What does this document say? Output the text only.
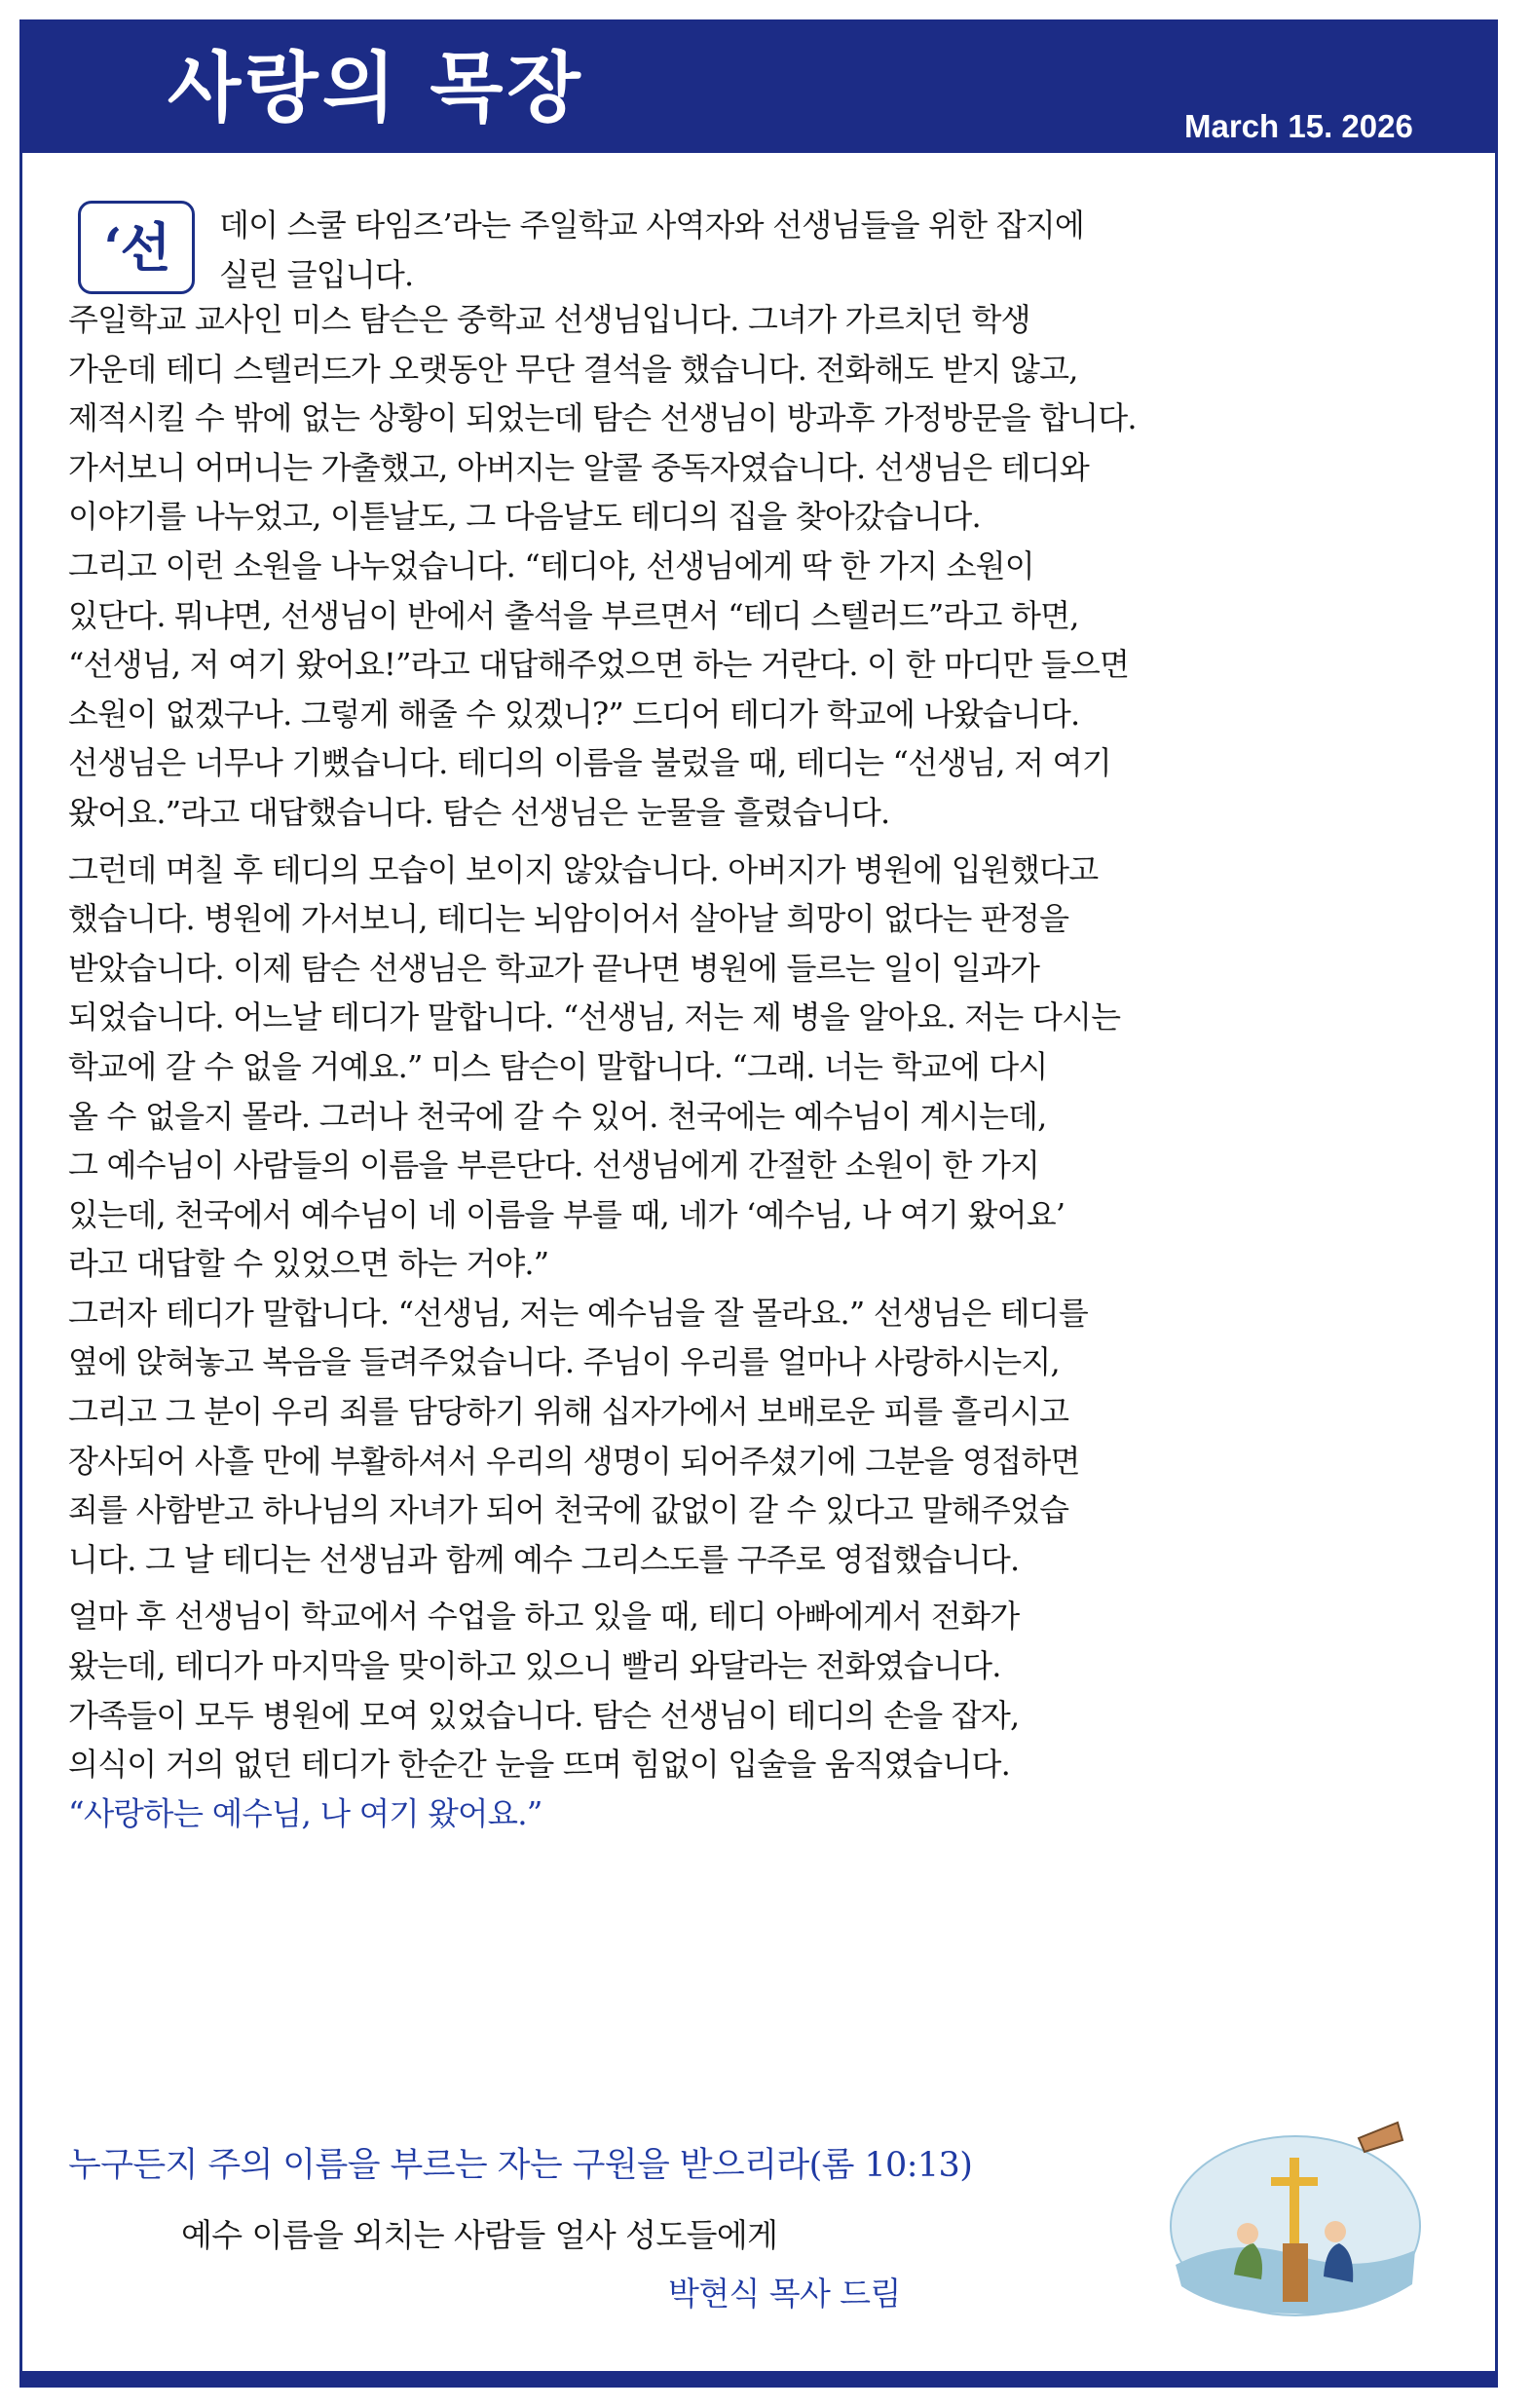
사랑의 목장	March 15. 2026
‘선	데이 스쿨 타임즈’라는 주일학교 사역자와 선생님들을 위한 잡지에

실린 글입니다.

주일학교 교사인 미스 탐슨은 중학교 선생님입니다. 그녀가 가르치던 학생

가운데 테디 스텔러드가 오랫동안 무단 결석을 했습니다. 전화해도 받지 않고,

제적시킬 수 밖에 없는 상황이 되었는데 탐슨 선생님이 방과후 가정방문을 합니다.

가서보니 어머니는 가출했고, 아버지는 알콜 중독자였습니다. 선생님은 테디와

이야기를 나누었고, 이튿날도, 그 다음날도 테디의 집을 찾아갔습니다.

그리고 이런 소원을 나누었습니다. “테디야, 선생님에게 딱 한 가지 소원이

있단다. 뭐냐면, 선생님이 반에서 출석을 부르면서 “테디 스텔러드”라고 하면,

“선생님, 저 여기 왔어요!”라고 대답해주었으면 하는 거란다. 이 한 마디만 들으면

소원이 없겠구나. 그렇게 해줄 수 있겠니?” 드디어 테디가 학교에 나왔습니다.

선생님은 너무나 기뻤습니다. 테디의 이름을 불렀을 때, 테디는 “선생님, 저 여기

왔어요.”라고 대답했습니다. 탐슨 선생님은 눈물을 흘렸습니다.

그런데 며칠 후 테디의 모습이 보이지 않았습니다. 아버지가 병원에 입원했다고

했습니다. 병원에 가서보니, 테디는 뇌암이어서 살아날 희망이 없다는 판정을

받았습니다. 이제 탐슨 선생님은 학교가 끝나면 병원에 들르는 일이 일과가

되었습니다. 어느날 테디가 말합니다. “선생님, 저는 제 병을 알아요. 저는 다시는

학교에 갈 수 없을 거예요.” 미스 탐슨이 말합니다. “그래. 너는 학교에 다시

올 수 없을지 몰라. 그러나 천국에 갈 수 있어. 천국에는 예수님이 계시는데,

그 예수님이 사람들의 이름을 부른단다. 선생님에게 간절한 소원이 한 가지

있는데, 천국에서 예수님이 네 이름을 부를 때, 네가 ‘예수님, 나 여기 왔어요’

라고 대답할 수 있었으면 하는 거야.”

그러자 테디가 말합니다. “선생님, 저는 예수님을 잘 몰라요.” 선생님은 테디를

옆에 앉혀놓고 복음을 들려주었습니다. 주님이 우리를 얼마나 사랑하시는지,

그리고 그 분이 우리 죄를 담당하기 위해 십자가에서 보배로운 피를 흘리시고

장사되어 사흘 만에 부활하셔서 우리의 생명이 되어주셨기에 그분을 영접하면

죄를 사함받고 하나님의 자녀가 되어 천국에 값없이 갈 수 있다고 말해주었습

니다. 그 날 테디는 선생님과 함께 예수 그리스도를 구주로 영접했습니다.

얼마 후 선생님이 학교에서 수업을 하고 있을 때, 테디 아빠에게서 전화가

왔는데, 테디가 마지막을 맞이하고 있으니 빨리 와달라는 전화였습니다.

가족들이 모두 병원에 모여 있었습니다. 탐슨 선생님이 테디의 손을 잡자,

의식이 거의 없던 테디가 한순간 눈을 뜨며 힘없이 입술을 움직였습니다.

“사랑하는 예수님, 나 여기 왔어요.”

누구든지 주의 이름을 부르는 자는 구원을 받으리라(롬 10:13)

예수 이름을 외치는 사람들 얼사 성도들에게

박현식 목사 드림
